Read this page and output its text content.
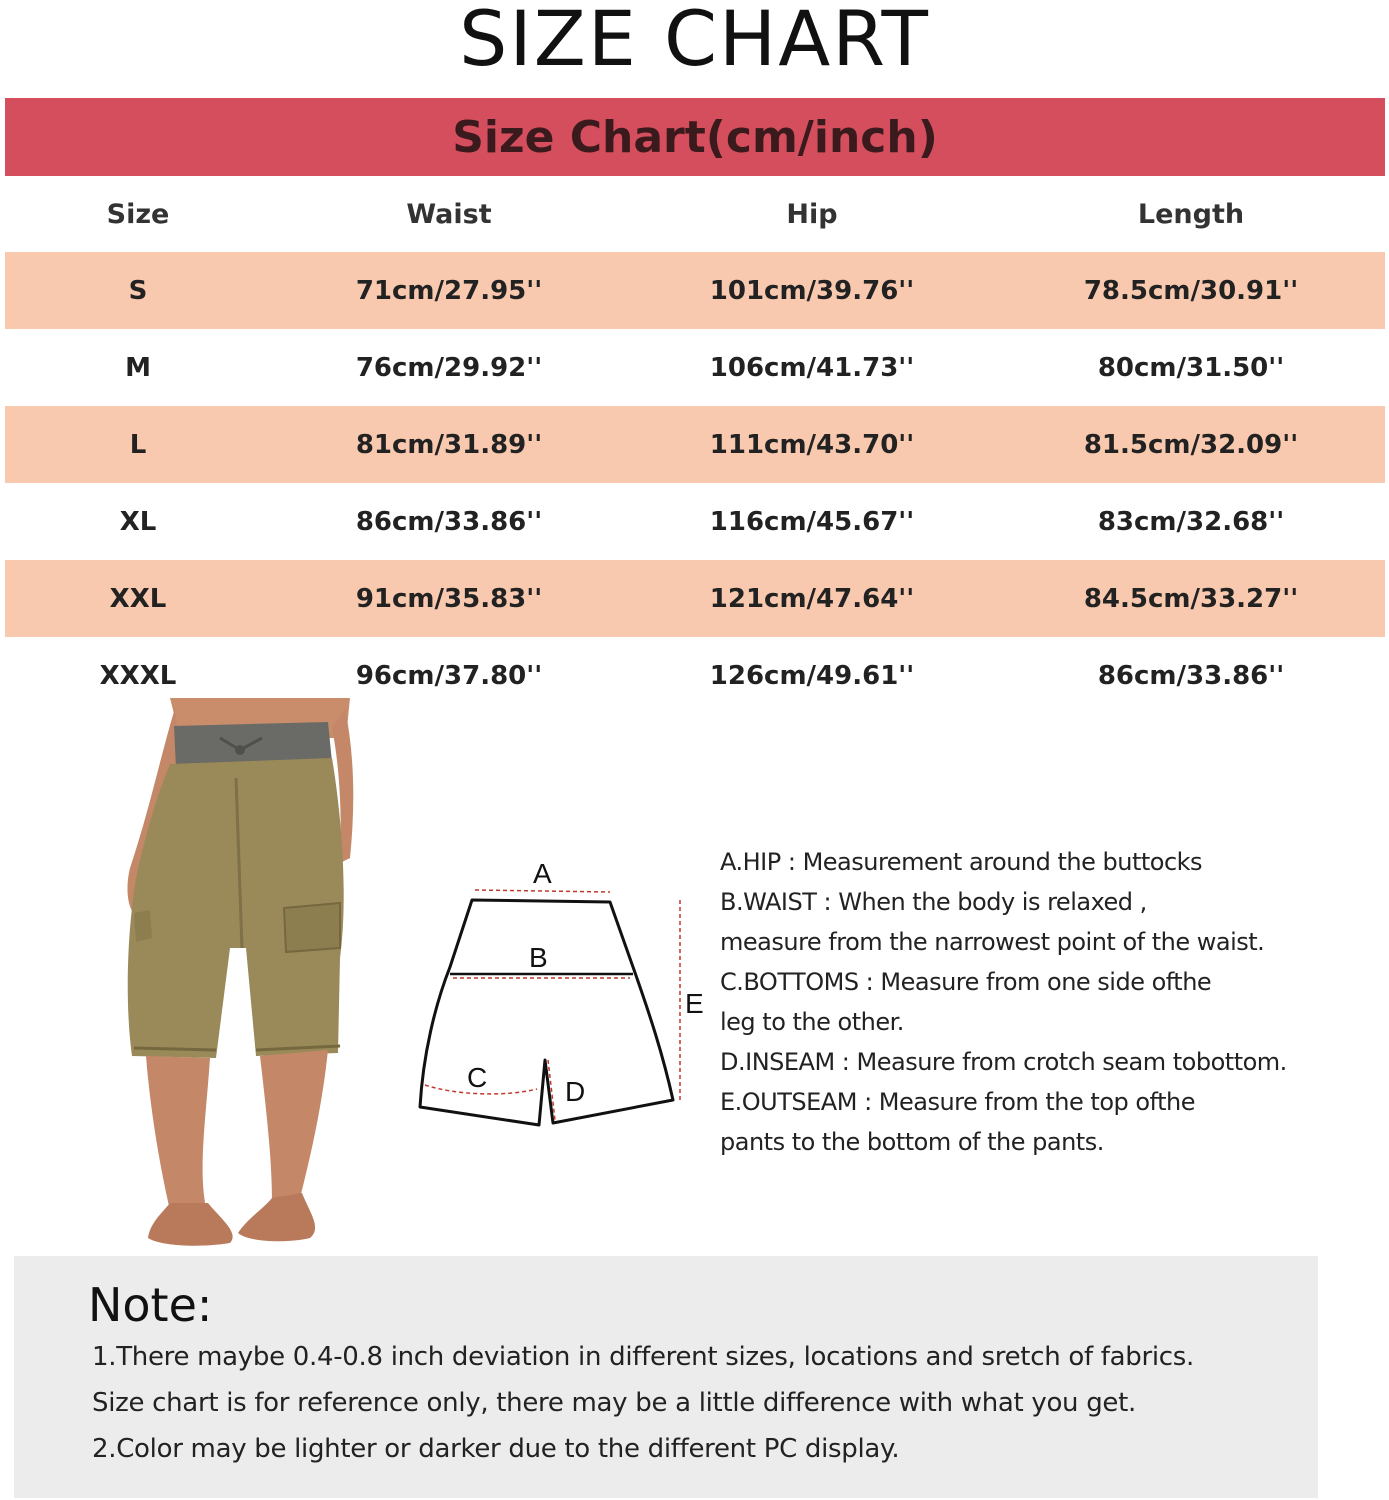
SIZE CHART
Size Chart(cm/inch)
Size	Waist	Hip	Length
S	71cm/27.95''	101cm/39.76''	78.5cm/30.91''
M	76cm/29.92''	106cm/41.73''	80cm/31.50''
L	81cm/31.89''	111cm/43.70''	81.5cm/32.09''
XL	86cm/33.86''	116cm/45.67''	83cm/32.68''
XXL	91cm/35.83''	121cm/47.64''	84.5cm/33.27''
XXXL	96cm/37.80''	126cm/49.61''	86cm/33.86''
A
B
C	D
E
A.HIP : Measurement around the buttocks
B.WAIST : When the body is relaxed ,
measure from the narrowest point of the waist.
C.BOTTOMS : Measure from one side ofthe
leg to the other.
D.INSEAM : Measure from crotch seam tobottom.
E.OUTSEAM : Measure from the top ofthe
pants to the bottom of the pants.
Note:
1.There maybe 0.4-0.8 inch deviation in different sizes, locations and sretch of fabrics.
Size chart is for reference only, there may be a little difference with what you get.
2.Color may be lighter or darker due to the different PC display.
